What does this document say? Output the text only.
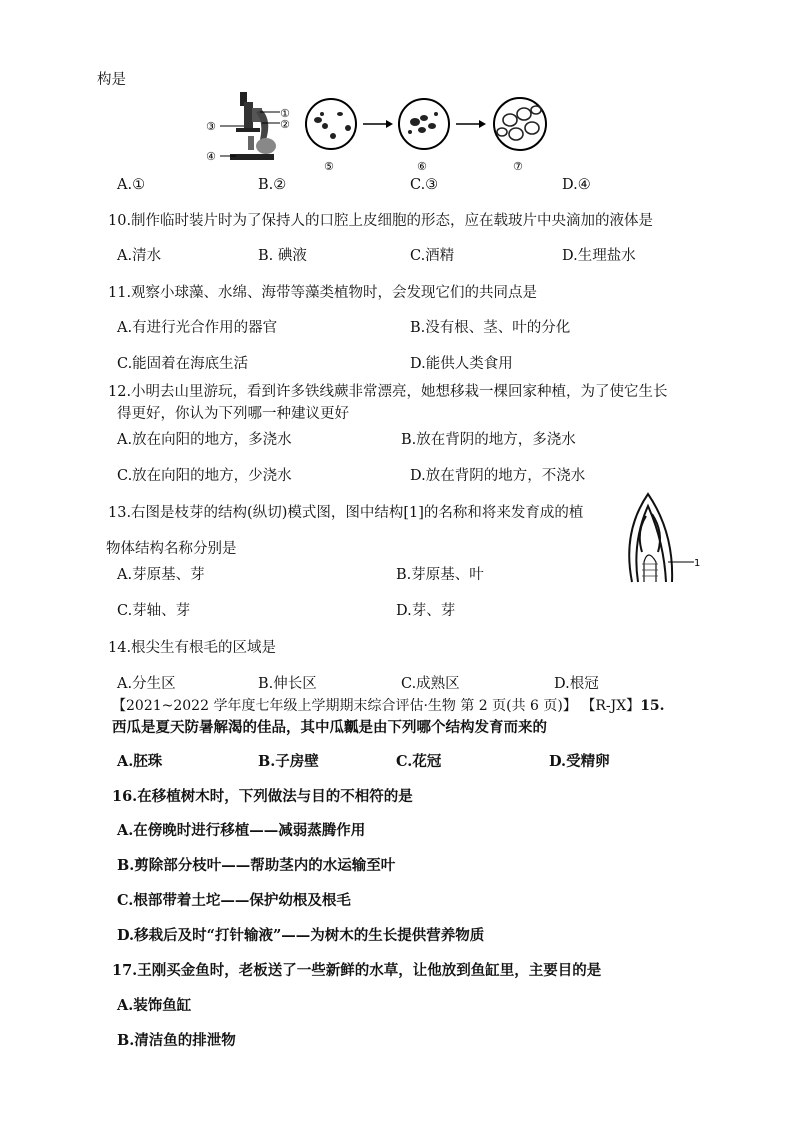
构是
①
②
③
④
⑤	⑥	⑦
A.①	B.②	C.③	D.④
10.制作临时装片时为了保持人的口腔上皮细胞的形态，应在载玻片中央滴加的液体是
A.清水	B. 碘液	C.酒精	D.生理盐水
11.观察小球藻、水绵、海带等藻类植物时，会发现它们的共同点是
A.有进行光合作用的器官	B.没有根、茎、叶的分化
C.能固着在海底生活	D.能供人类食用
12.小明去山里游玩，看到许多铁线蕨非常漂亮，她想移栽一棵回家种植，为了使它生长
得更好，你认为下列哪一种建议更好
A.放在向阳的地方，多浇水	B.放在背阴的地方，多浇水
C.放在向阳的地方，少浇水	D.放在背阴的地方，不浇水
13.右图是枝芽的结构(纵切)模式图，图中结构[1]的名称和将来发育成的植
物体结构名称分别是
1
A.芽原基、芽	B.芽原基、叶
C.芽轴、芽	D.芽、芽
14.根尖生有根毛的区域是
A.分生区	B.伸长区	C.成熟区	D.根冠
【2021~2022 学年度七年级上学期期末综合评估·生物 第 2 页(共 6 页)】 【R-JX】15.
西瓜是夏天防暑解渴的佳品，其中瓜瓤是由下列哪个结构发育而来的
A.胚珠	B.子房壁	C.花冠	D.受精卵
16.在移植树木时，下列做法与目的不相符的是
A.在傍晚时进行移植——减弱蒸腾作用
B.剪除部分枝叶——帮助茎内的水运输至叶
C.根部带着土坨——保护幼根及根毛
D.移栽后及时“打针输液”——为树木的生长提供营养物质
17.王刚买金鱼时，老板送了一些新鲜的水草，让他放到鱼缸里，主要目的是
A.装饰鱼缸
B.清洁鱼的排泄物
